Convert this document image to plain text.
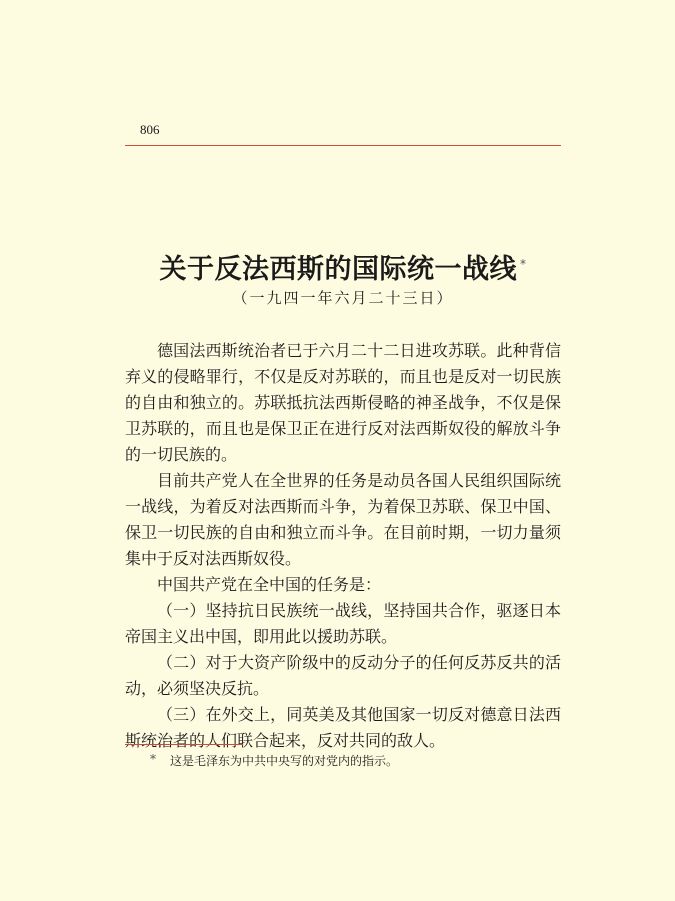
806
关于反法西斯的国际统一战线 *
（一九四一年六月二十三日）

德国法西斯统治者已于六月二十二日进攻苏联。此种背信弃义的侵略罪行，不仅是反对苏联的，而且也是反对一切民族的自由和独立的。苏联抵抗法西斯侵略的神圣战争，不仅是保卫苏联的，而且也是保卫正在进行反对法西斯奴役的解放斗争的一切民族的。

目前共产党人在全世界的任务是动员各国人民组织国际统一战线，为着反对法西斯而斗争，为着保卫苏联、保卫中国、保卫一切民族的自由和独立而斗争。在目前时期，一切力量须集中于反对法西斯奴役。

中国共产党在全中国的任务是：

（一）坚持抗日民族统一战线，坚持国共合作，驱逐日本帝国主义出中国，即用此以援助苏联。

（二）对于大资产阶级中的反动分子的任何反苏反共的活动，必须坚决反抗。

（三）在外交上，同英美及其他国家一切反对德意日法西斯统治者的人们联合起来，反对共同的敌人。

* 这是毛泽东为中共中央写的对党内的指示。
